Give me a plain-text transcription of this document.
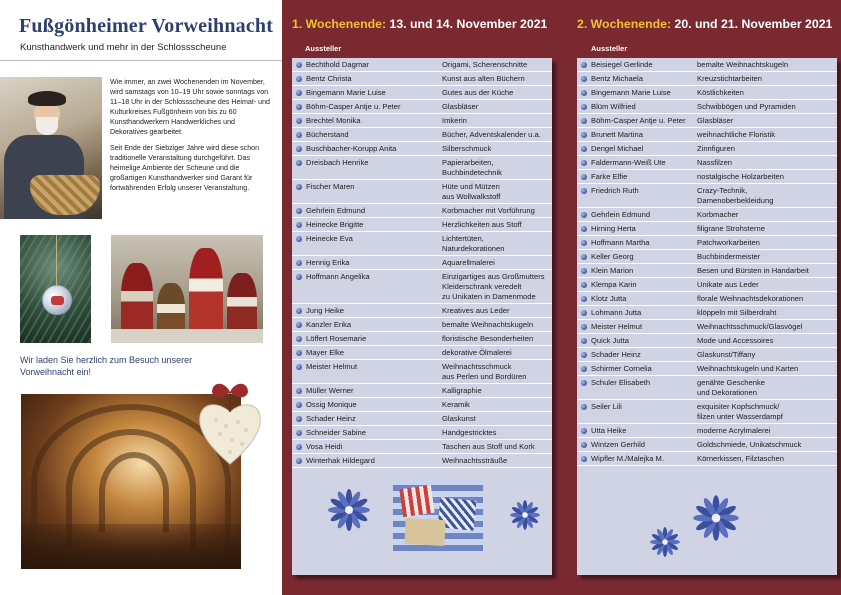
Fußgönheimer Vorweihnacht
Kunsthandwerk und mehr in der Schlossscheune

Wie immer, an zwei Wochenenden im November, wird samstags von 10–19 Uhr sowie sonntags von 11–18 Uhr in der Schlossscheune des Heimat- und Kulturkreises Fußgönheim von bis zu 60 Kunsthandwerkern Handwerkliches und Dekoratives gearbeitet.

Seit Ende der Siebziger Jahre wird diese schon traditionelle Veranstaltung durchgeführt. Das heimelige Ambiente der Scheune und die großartigen Kunsthandwerker sind Garant für fortwährenden Erfolg unserer Veranstaltung.

Wir laden Sie herzlich zum Besuch unserer Vorweihnacht ein!
1. Wochenende: 13. und 14. November 2021
Aussteller
2. Wochenende: 20. und 21. November 2021
Aussteller
Bechthold Dagmar	Origami, Scherenschnitte
Bentz Christa	Kunst aus alten Büchern
Bingemann Marie Luise	Gutes aus der Küche
Böhm-Casper Antje u. Peter	Glasbläser
Brechtel Monika	Imkerin
Bücherstand	Bücher, Adventskalender u.a.
Buschbacher-Korupp Anita	Silberschmuck
Dreisbach Henrike	Papierarbeiten,
Buchbindetechnik
Fischer Maren	Hüte und Mützen
aus Wollwalkstoff
Gehrlein Edmund	Korbmacher mit Vorführung
Heinecke Brigitte	Herzlichkeiten aus Stoff
Heinecke Eva	Lichtertüten,
Naturdekorationen
Hennig Erika	Aquarellmalerei
Hoffmann Angelika	Einzigartiges aus Großmutters
Kleiderschrank veredelt
zu Unikaten in Damenmode
Jung Heike	Kreatives aus Leder
Kanzler Erika	bemalte Weihnachtskugeln
Löffert Rosemarie	floristische Besonderheiten
Mayer Elke	dekorative Ölmalerei
Meister Helmut	Weihnachtsschmuck
aus Perlen und Bordüren
Müller Werner	Kalligraphie
Ossig Monique	Keramik
Schader Heinz	Glaskunst
Schneider Sabine	Handgestricktes
Vosa Heidi	Taschen aus Stoff und Kork
Winterhak Hildegard	Weihnachtssträuße
Beisiegel Gerlinde	bemalte Weihnachtskugeln
Bentz Michaela	Kreuzstichtarbeiten
Bingemann Marie Luise	Köstlichkeiten
Blüm Wilfried	Schwibbögen und Pyramiden
Böhm-Casper Antje u. Peter	Glasbläser
Brunett Martina	weihnachtliche Floristik
Dengel Michael	Zinnfiguren
Faldermann-Weiß Ute	Nassfilzen
Farke Elfie	nostalgische Holzarbeiten
Friedrich Ruth	Crazy-Technik,
Damenoberbekleidung
Gehrlein Edmund	Korbmacher
Hirning Herta	filigrane Strohsterne
Hoffmann Martha	Patchworkarbeiten
Keller Georg	Buchbindermeister
Klein Marion	Besen und Bürsten in Handarbeit
Klempa Karin	Unikate aus Leder
Klotz Jutta	florale Weihnachtsdekorationen
Lohmann Jutta	klöppeln mit Silberdraht
Meister Helmut	Weihnachtsschmuck/Glasvögel
Quick Jutta	Mode und Accessoires
Schader Heinz	Glaskunst/Tiffany
Schirmer Cornelia	Weihnachtskugeln und Karten
Schuler Elisabeth	genähte Geschenke
und Dekorationen
Seiler Lili	exquisiter Kopfschmuck/
filzen unter Wasserdampf
Utta Heike	moderne Acrylmalerei
Wintzen Gerhild	Goldschmiede, Unikatschmuck
Wipfler M./Malejka M.	Körnerkissen, Filztaschen
